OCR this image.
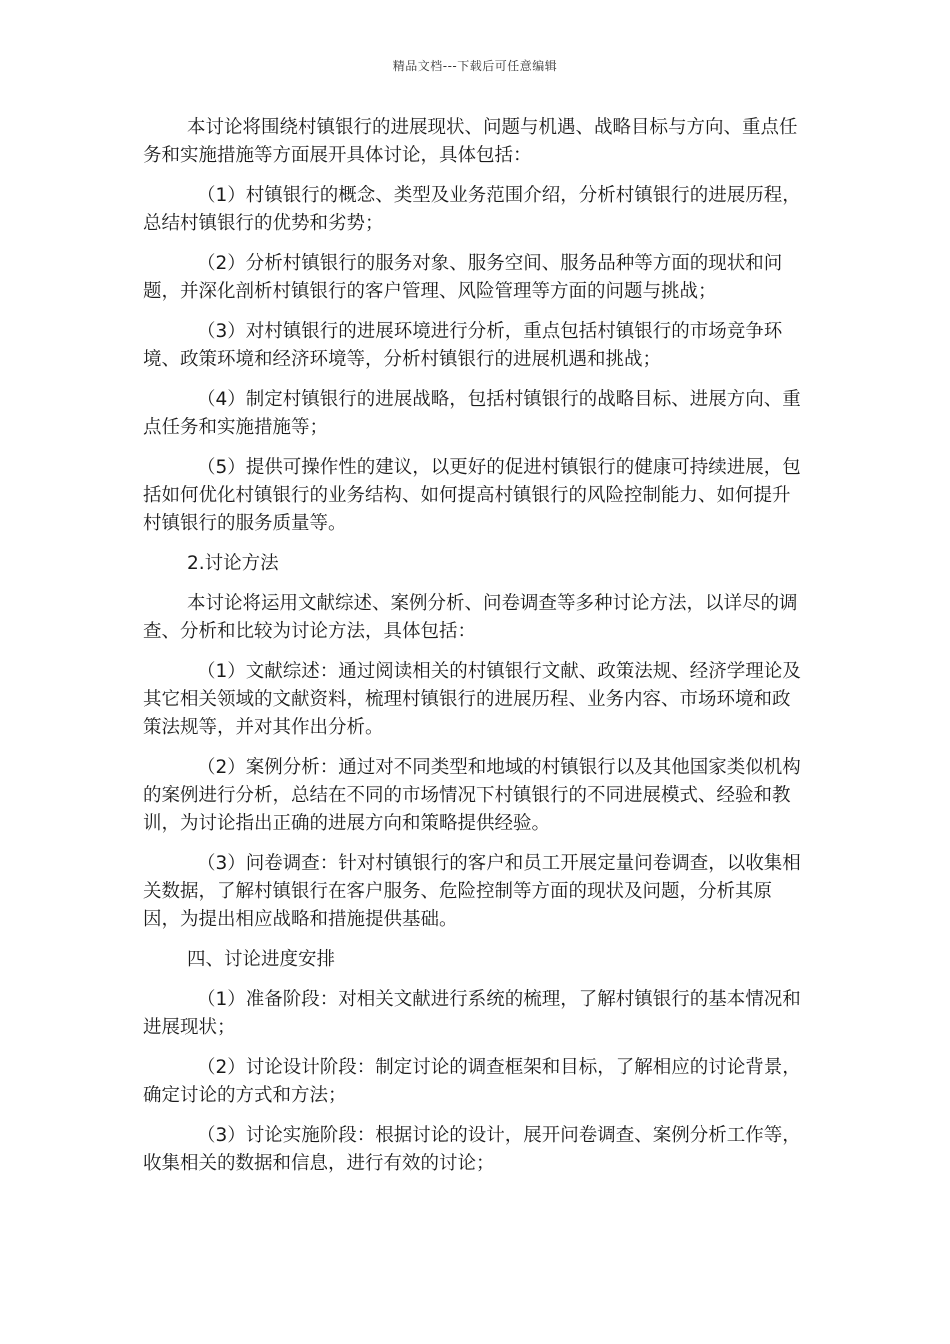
精品文档---下载后可任意编辑

本讨论将围绕村镇银行的进展现状、问题与机遇、战略目标与方向、重点任务和实施措施等方面展开具体讨论，具体包括：

（1）村镇银行的概念、类型及业务范围介绍，分析村镇银行的进展历程，总结村镇银行的优势和劣势；

（2）分析村镇银行的服务对象、服务空间、服务品种等方面的现状和问题，并深化剖析村镇银行的客户管理、风险管理等方面的问题与挑战；

（3）对村镇银行的进展环境进行分析，重点包括村镇银行的市场竞争环境、政策环境和经济环境等，分析村镇银行的进展机遇和挑战；

（4）制定村镇银行的进展战略，包括村镇银行的战略目标、进展方向、重点任务和实施措施等；

（5）提供可操作性的建议，以更好的促进村镇银行的健康可持续进展，包括如何优化村镇银行的业务结构、如何提高村镇银行的风险控制能力、如何提升村镇银行的服务质量等。

2.讨论方法

本讨论将运用文献综述、案例分析、问卷调查等多种讨论方法，以详尽的调查、分析和比较为讨论方法，具体包括：

（1）文献综述：通过阅读相关的村镇银行文献、政策法规、经济学理论及其它相关领域的文献资料，梳理村镇银行的进展历程、业务内容、市场环境和政策法规等，并对其作出分析。

（2）案例分析：通过对不同类型和地域的村镇银行以及其他国家类似机构的案例进行分析，总结在不同的市场情况下村镇银行的不同进展模式、经验和教训，为讨论指出正确的进展方向和策略提供经验。

（3）问卷调查：针对村镇银行的客户和员工开展定量问卷调查，以收集相关数据，了解村镇银行在客户服务、危险控制等方面的现状及问题，分析其原因，为提出相应战略和措施提供基础。

四、讨论进度安排

（1）准备阶段：对相关文献进行系统的梳理，了解村镇银行的基本情况和进展现状；

（2）讨论设计阶段：制定讨论的调查框架和目标，了解相应的讨论背景，确定讨论的方式和方法；

（3）讨论实施阶段：根据讨论的设计，展开问卷调查、案例分析工作等，收集相关的数据和信息，进行有效的讨论；
